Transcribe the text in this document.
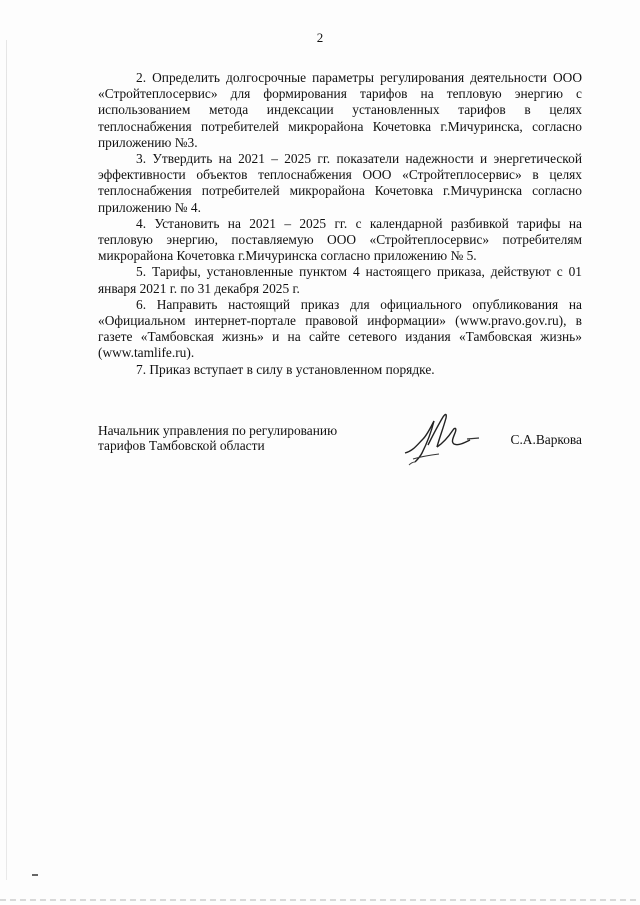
2

2. Определить долгосрочные параметры регулирования деятельности ООО «Стройтеплосервис» для формирования тарифов на тепловую энергию с использованием метода индексации установленных тарифов в целях теплоснабжения потребителей микрорайона Кочетовка г.Мичуринска, согласно приложению №3.

3. Утвердить на 2021 – 2025 гг. показатели надежности и энергетической эффективности объектов теплоснабжения ООО «Стройтеплосервис» в целях теплоснабжения потребителей микрорайона Кочетовка г.Мичуринска согласно приложению № 4.

4. Установить на 2021 – 2025 гг. с календарной разбивкой тарифы на тепловую энергию, поставляемую ООО «Стройтеплосервис» потребителям микрорайона Кочетовка г.Мичуринска согласно приложению № 5.

5. Тарифы, установленные пунктом 4 настоящего приказа, действуют с 01 января 2021 г. по 31 декабря 2025 г.

6. Направить настоящий приказ для официального опубликования на «Официальном интернет-портале правовой информации» (www.pravo.gov.ru), в газете «Тамбовская жизнь» и на сайте сетевого издания «Тамбовская жизнь» (www.tamlife.ru).

7. Приказ вступает в силу в установленном порядке.

Начальник управления по регулированию
тарифов Тамбовской области	С.А.Варкова
